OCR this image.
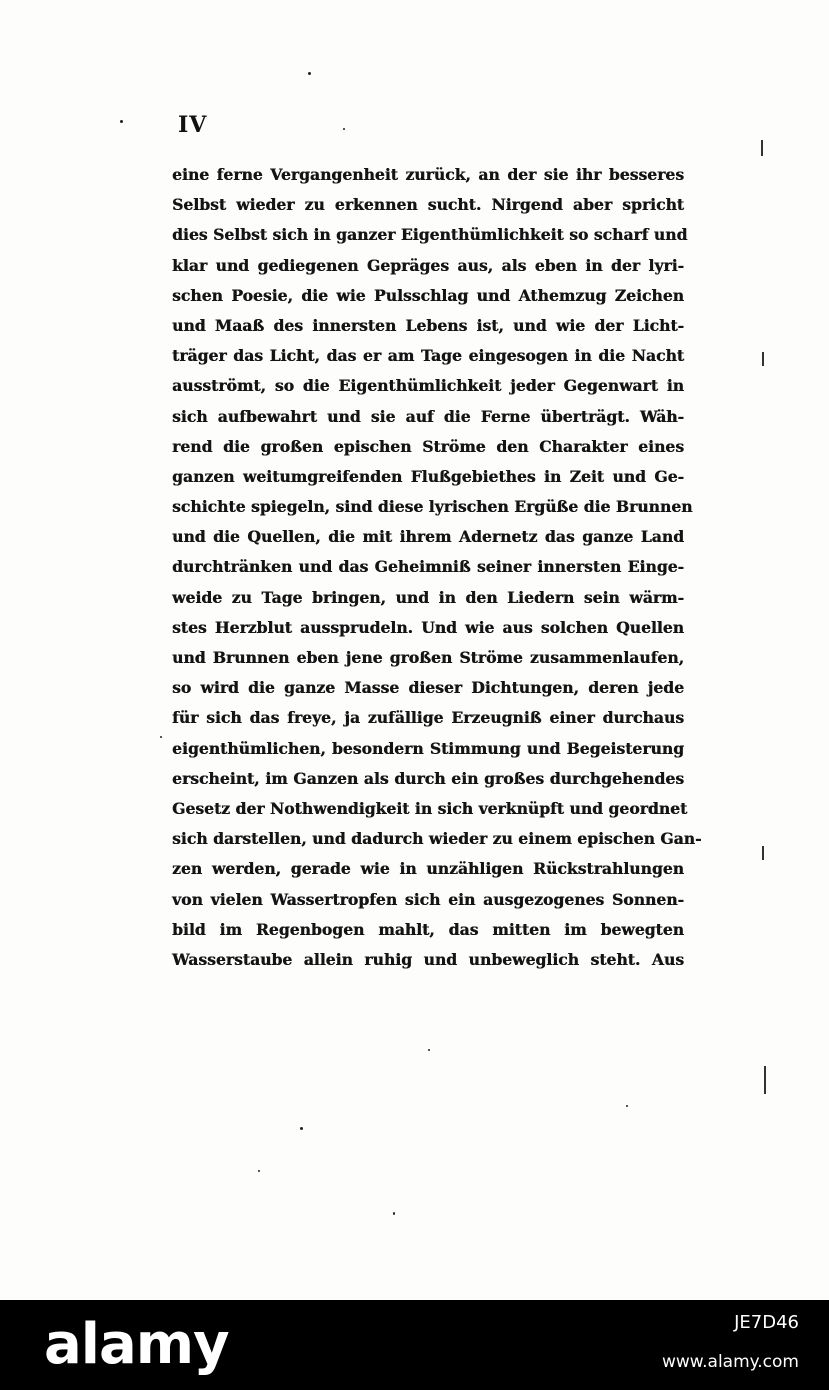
IV
eine ferne Vergangenheit zurück, an der sie ihr besseres
Selbst wieder zu erkennen sucht. Nirgend aber spricht
dies Selbst sich in ganzer Eigenthümlichkeit so scharf und
klar und gediegenen Gepräges aus, als eben in der lyri-
schen Poesie, die wie Pulsschlag und Athemzug Zeichen
und Maaß des innersten Lebens ist, und wie der Licht-
träger das Licht, das er am Tage eingesogen in die Nacht
ausströmt, so die Eigenthümlichkeit jeder Gegenwart in
sich aufbewahrt und sie auf die Ferne überträgt. Wäh-
rend die großen epischen Ströme den Charakter eines
ganzen weitumgreifenden Flußgebiethes in Zeit und Ge-
schichte spiegeln, sind diese lyrischen Ergüße die Brunnen
und die Quellen, die mit ihrem Adernetz das ganze Land
durchtränken und das Geheimniß seiner innersten Einge-
weide zu Tage bringen, und in den Liedern sein wärm-
stes Herzblut aussprudeln. Und wie aus solchen Quellen
und Brunnen eben jene großen Ströme zusammenlaufen,
so wird die ganze Masse dieser Dichtungen, deren jede
für sich das freye, ja zufällige Erzeugniß einer durchaus
eigenthümlichen, besondern Stimmung und Begeisterung
erscheint, im Ganzen als durch ein großes durchgehendes
Gesetz der Nothwendigkeit in sich verknüpft und geordnet
sich darstellen, und dadurch wieder zu einem epischen Gan-
zen werden, gerade wie in unzähligen Rückstrahlungen
von vielen Wassertropfen sich ein ausgezogenes Sonnen-
bild im Regenbogen mahlt, das mitten im bewegten
Wasserstaube allein ruhig und unbeweglich steht. Aus
alamy	JE7D46
www.alamy.com
